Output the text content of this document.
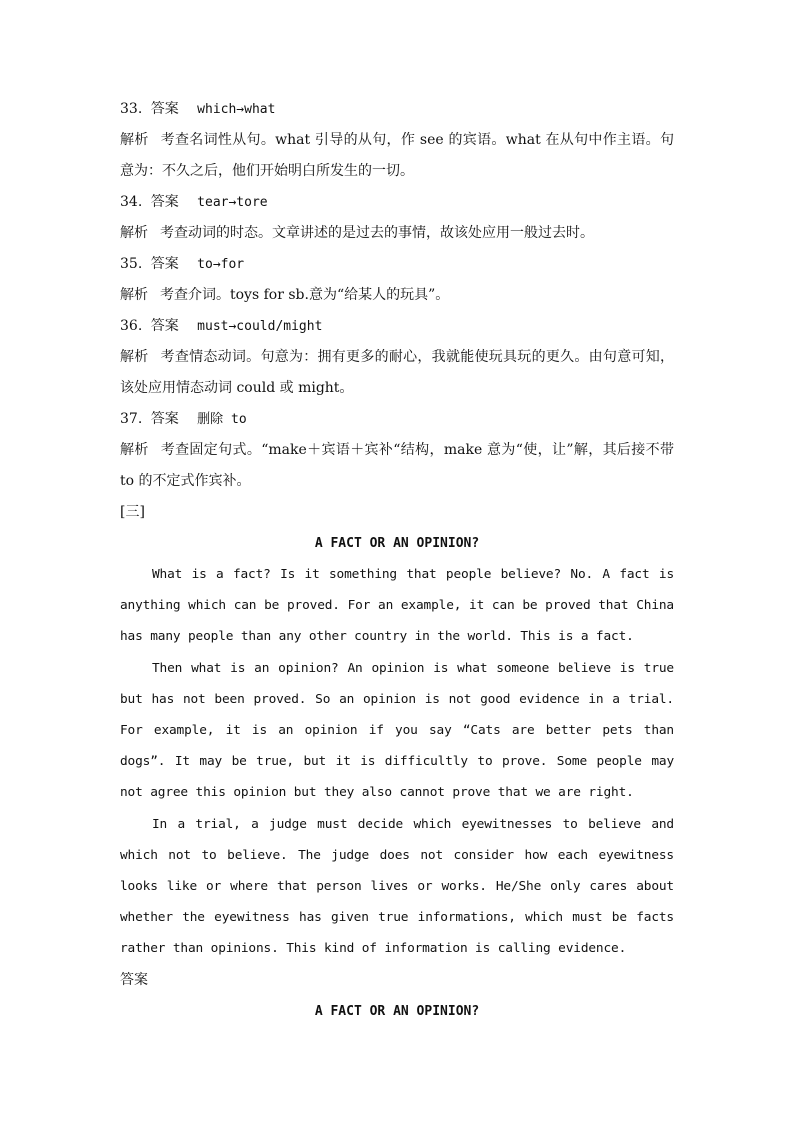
33. 答案 which→what
解析 考查名词性从句。what 引导的从句，作 see 的宾语。what 在从句中作主语。句意为：不久之后，他们开始明白所发生的一切。
34. 答案 tear→tore
解析 考查动词的时态。文章讲述的是过去的事情，故该处应用一般过去时。
35. 答案 to→for
解析 考查介词。toys for sb.意为“给某人的玩具”。
36. 答案 must→could/might
解析 考查情态动词。句意为：拥有更多的耐心，我就能使玩具玩的更久。由句意可知，该处应用情态动词 could 或 might。
37. 答案 删除 to
解析 考查固定句式。“make＋宾语＋宾补“结构，make 意为“使，让”解，其后接不带 to 的不定式作宾补。
[三]
A FACT OR AN OPINION?

What is a fact? Is it something that people believe? No. A fact is anything which can be proved. For an example, it can be proved that China has many people than any other country in the world. This is a fact.

Then what is an opinion? An opinion is what someone believe is true but has not been proved. So an opinion is not good evidence in a trial. For example, it is an opinion if you say “Cats are better pets than dogs”. It may be true, but it is difficultly to prove. Some people may not agree this opinion but they also cannot prove that we are right.

In a trial, a judge must decide which eyewitnesses to believe and which not to believe. The judge does not consider how each eyewitness looks like or where that person lives or works. He/She only cares about whether the eyewitness has given true informations, which must be facts rather than opinions. This kind of information is calling evidence.

答案
A FACT OR AN OPINION?
